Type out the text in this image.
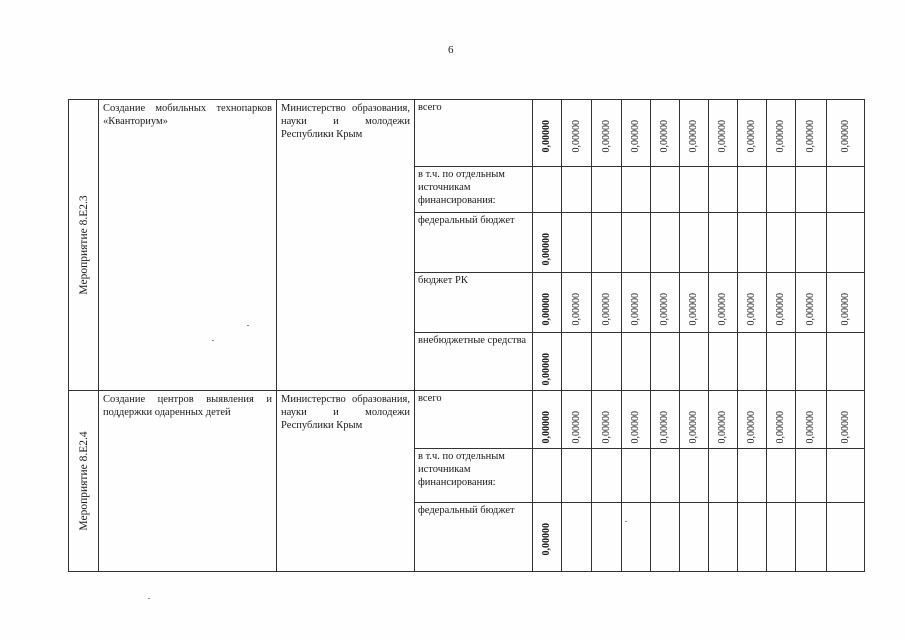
6
Мероприятие 8.Е2.3	Создание мобильных технопарков «Кванториум»	Министерство образования, науки и молодежи Республики Крым	всего	0,00000	0,00000	0,00000	0,00000	0,00000	0,00000	0,00000	0,00000	0,00000	0,00000	0,00000

			в т.ч. по отдельным источникам финансирования:											
			федеральный бюджет	0,00000										

			бюджет РК	0,00000	0,00000	0,00000	0,00000	0,00000	0,00000	0,00000	0,00000	0,00000	0,00000	0,00000

			внебюджетные средства	0,00000										

Мероприятие 8.Е2.4	Создание центров выявления и поддержки одаренных детей	Министерство образования, науки и молодежи Республики Крым	всего	0,00000	0,00000	0,00000	0,00000	0,00000	0,00000	0,00000	0,00000	0,00000	0,00000	0,00000

			в т.ч. по отдельным источникам финансирования:											
			федеральный бюджет	0,00000										
